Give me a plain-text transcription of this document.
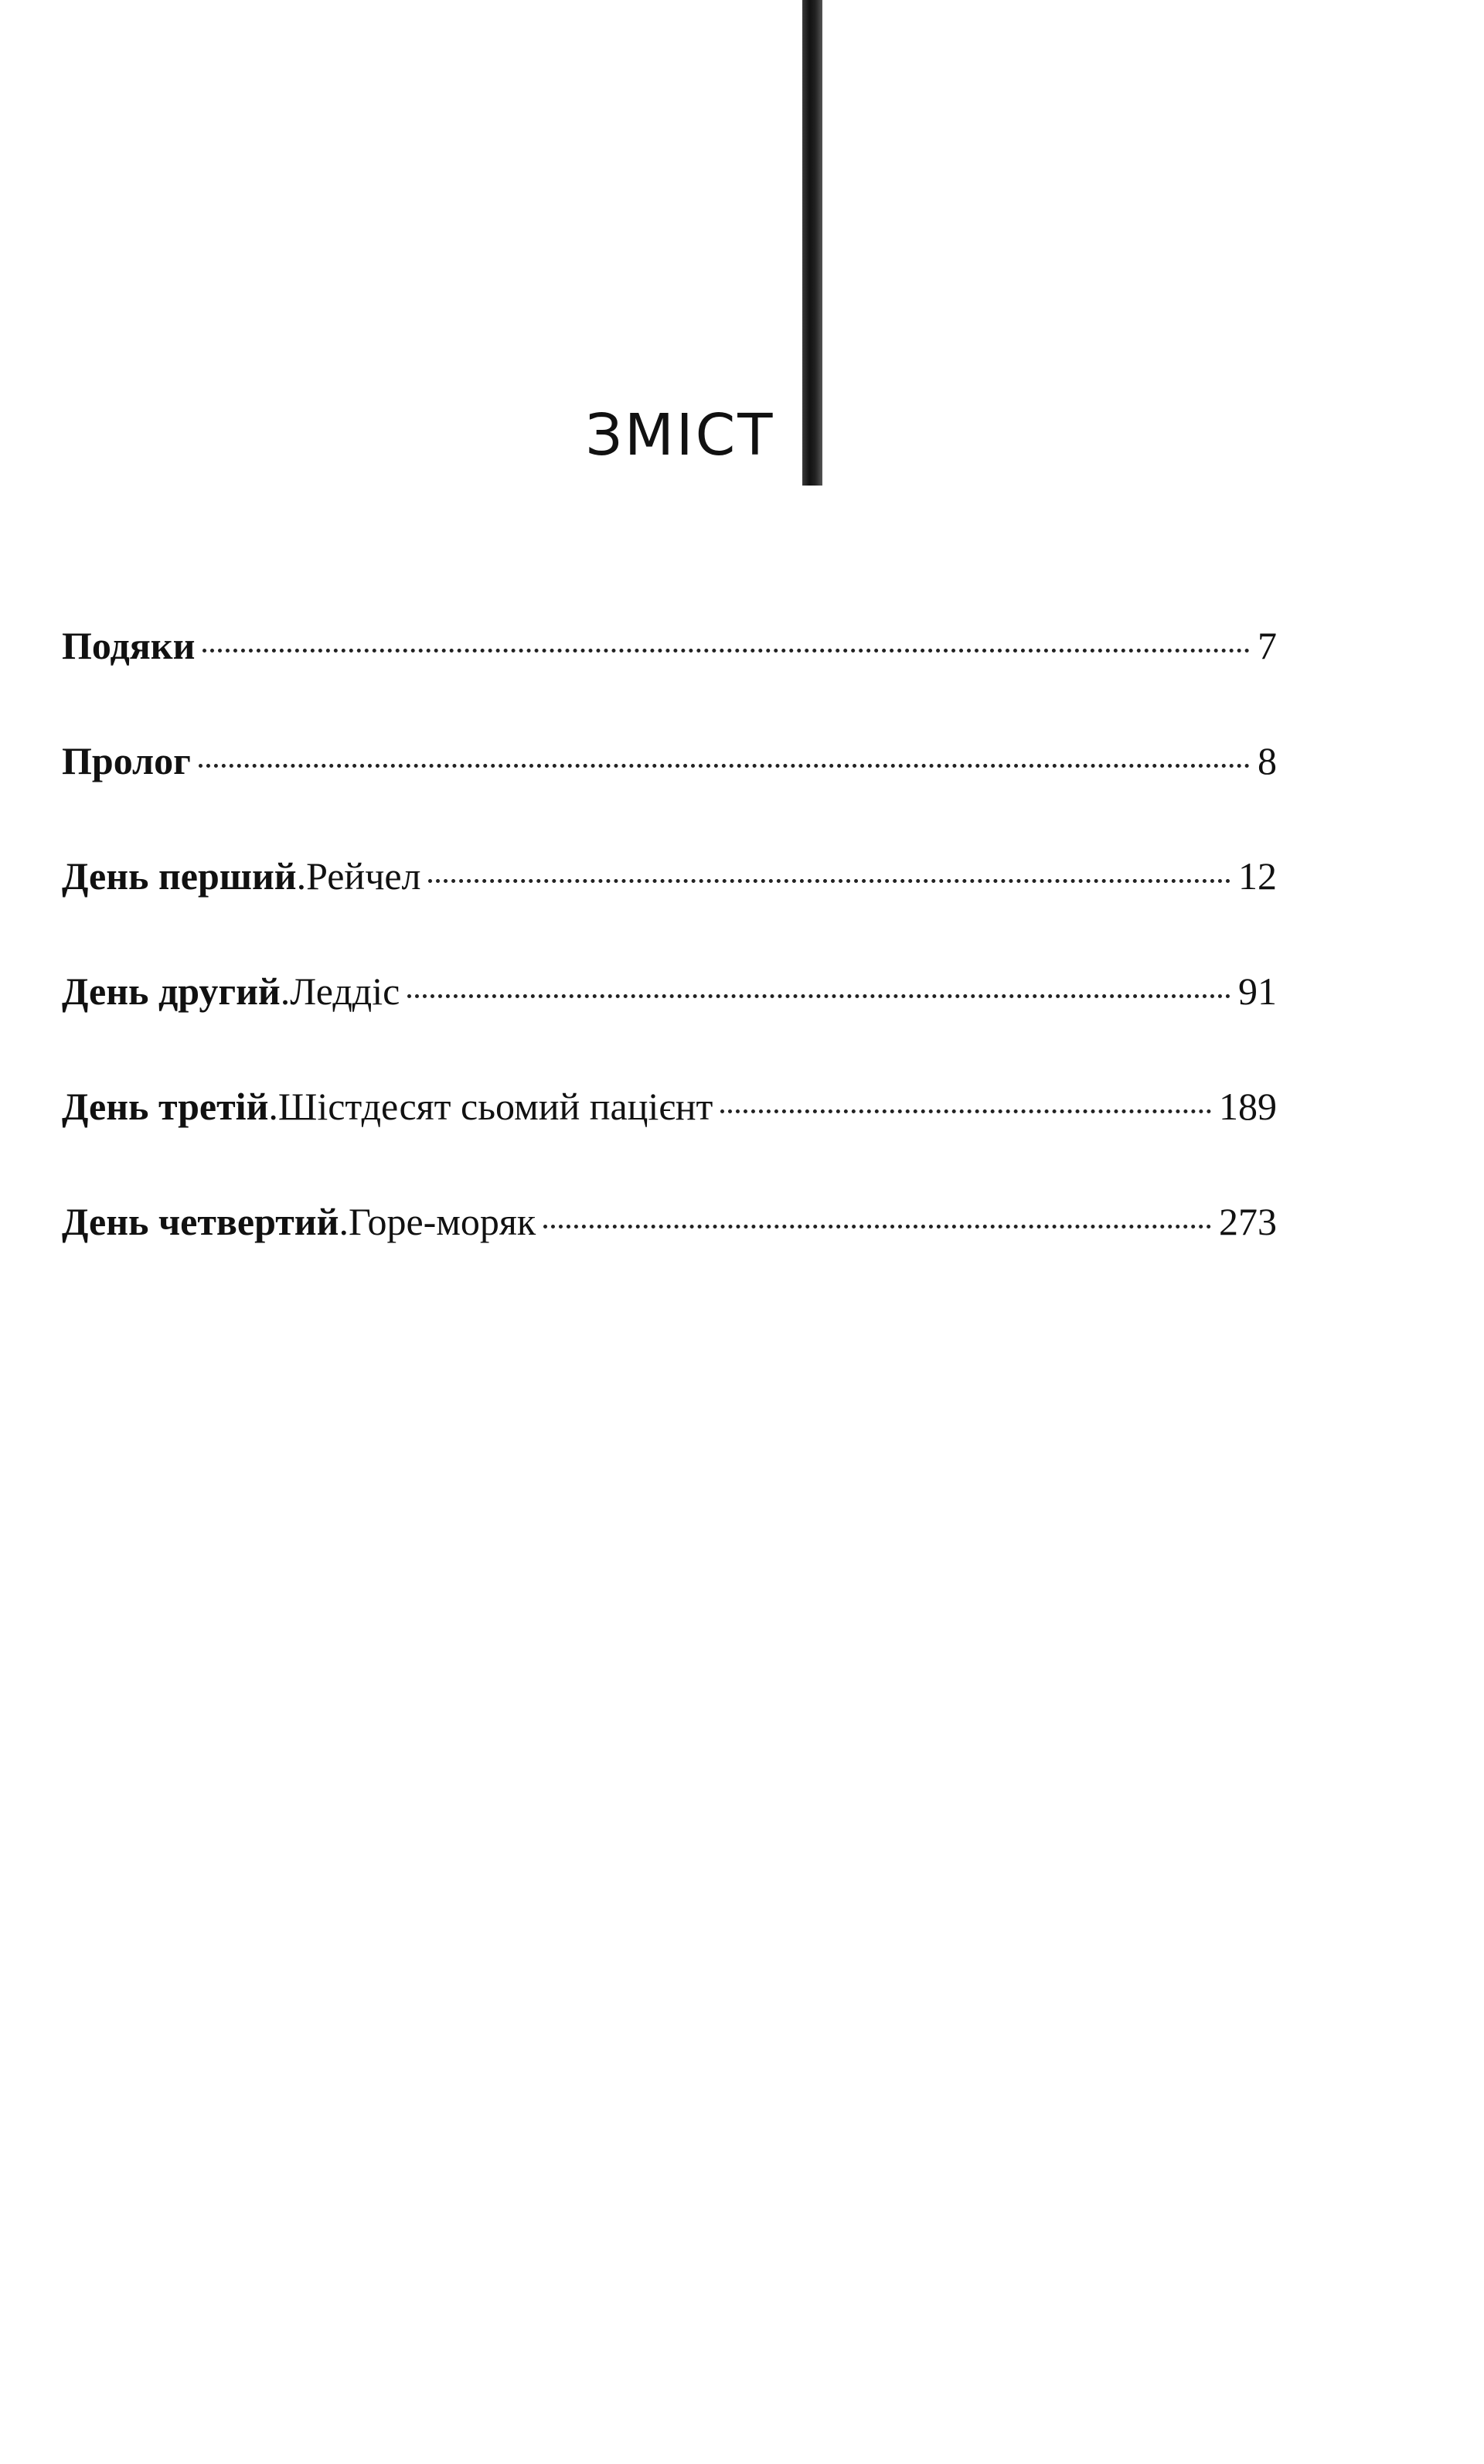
ЗМІСТ
Подяки	7
Пролог	8
День перший . Рейчел	12
День другий . Леддіс	91
День третій . Шістдесят сьомий пацієнт	189
День четвертий . Горе-моряк	273
